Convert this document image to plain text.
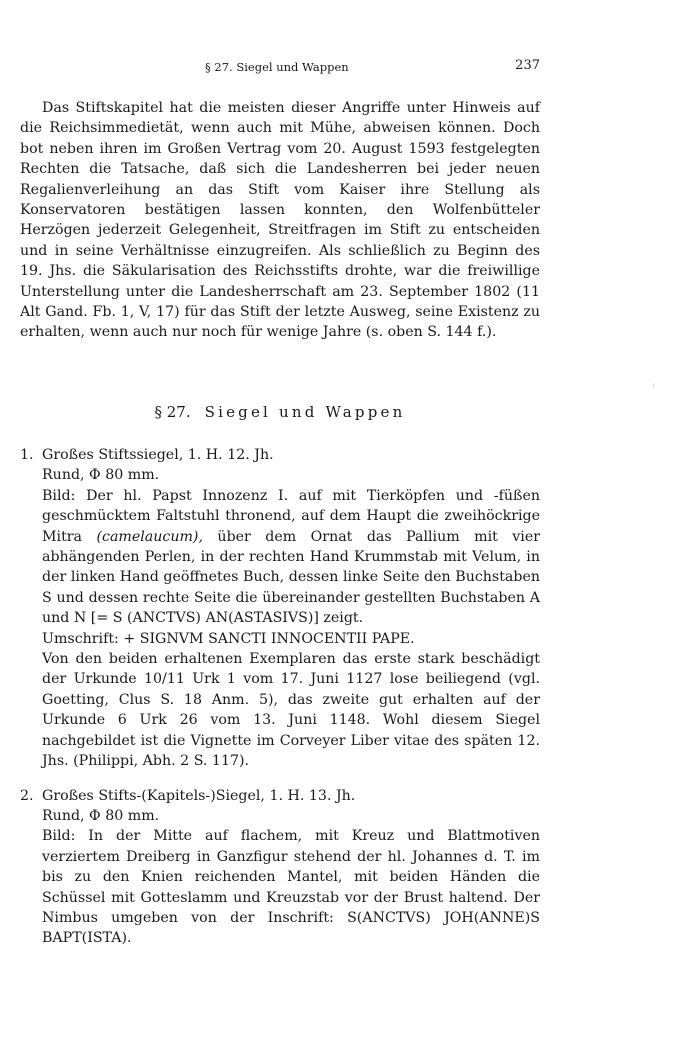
§ 27. Siegel und Wappen	237

Das Stiftskapitel hat die meisten dieser Angriffe unter Hinweis auf die Reichsimmedietät, wenn auch mit Mühe, abweisen können. Doch bot neben ihren im Großen Vertrag vom 20. August 1593 festgelegten Rechten die Tatsache, daß sich die Landesherren bei jeder neuen Regalienverleihung an das Stift vom Kaiser ihre Stellung als Konservatoren bestätigen lassen konnten, den Wolfenbütteler Herzögen jederzeit Gelegenheit, Streitfragen im Stift zu entscheiden und in seine Verhältnisse einzugreifen. Als schließlich zu Beginn des 19. Jhs. die Säkularisation des Reichsstifts drohte, war die freiwillige Unterstellung unter die Landesherrschaft am 23. September 1802 (11 Alt Gand. Fb. 1, V, 17) für das Stift der letzte Ausweg, seine Existenz zu erhalten, wenn auch nur noch für wenige Jahre (s. oben S. 144 f.).

§ 27. Siegel und Wappen
1. Großes Stiftssiegel, 1. H. 12. Jh.
Rund, Φ 80 mm.
Bild: Der hl. Papst Innozenz I. auf mit Tierköpfen und -füßen geschmücktem Faltstuhl thronend, auf dem Haupt die zweihöckrige Mitra (camelaucum), über dem Ornat das Pallium mit vier abhängenden Perlen, in der rechten Hand Krummstab mit Velum, in der linken Hand geöffnetes Buch, dessen linke Seite den Buchstaben S und dessen rechte Seite die übereinander gestellten Buchstaben A und N [= S (ANCTVS) AN(ASTASIVS)] zeigt.
Umschrift: + SIGNVM SANCTI INNOCENTII PAPE.
Von den beiden erhaltenen Exemplaren das erste stark beschädigt der Urkunde 10/11 Urk 1 vom 17. Juni 1127 lose beiliegend (vgl. Goetting, Clus S. 18 Anm. 5), das zweite gut erhalten auf der Urkunde 6 Urk 26 vom 13. Juni 1148. Wohl diesem Siegel nachgebildet ist die Vignette im Corveyer Liber vitae des späten 12. Jhs. (Philippi, Abh. 2 S. 117).
2. Großes Stifts-(Kapitels-)Siegel, 1. H. 13. Jh.
Rund, Φ 80 mm.
Bild: In der Mitte auf flachem, mit Kreuz und Blattmotiven verziertem Dreiberg in Ganzfigur stehend der hl. Johannes d. T. im bis zu den Knien reichenden Mantel, mit beiden Händen die Schüssel mit Gotteslamm und Kreuzstab vor der Brust haltend. Der Nimbus umgeben von der Inschrift: S(ANCTVS) JOH(ANNE)S BAPT(ISTA).
